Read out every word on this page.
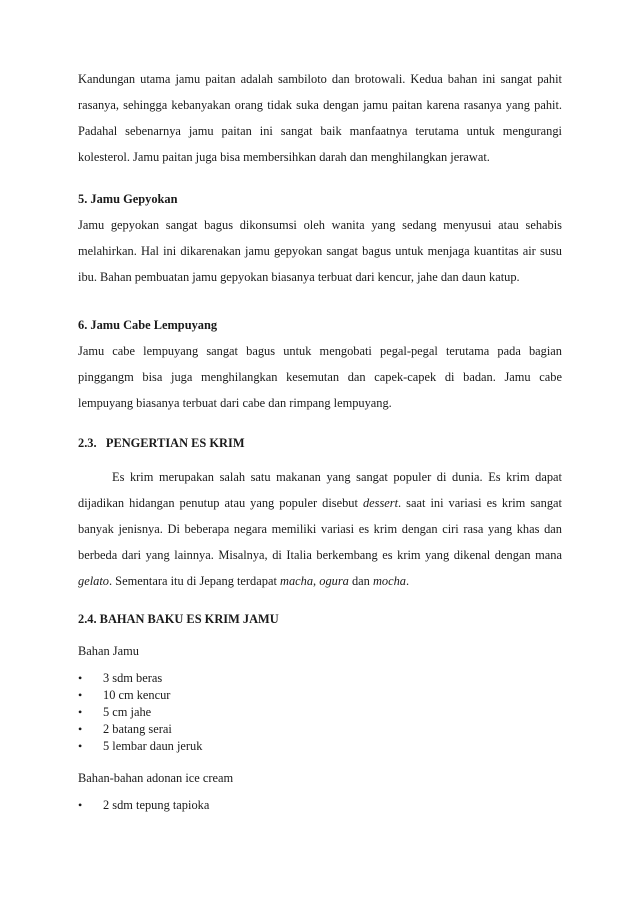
Kandungan utama jamu paitan adalah sambiloto dan brotowali. Kedua bahan ini sangat pahit rasanya, sehingga kebanyakan orang tidak suka dengan jamu paitan karena rasanya yang pahit. Padahal sebenarnya jamu paitan ini sangat baik manfaatnya terutama untuk mengurangi kolesterol. Jamu paitan juga bisa membersihkan darah dan menghilangkan jerawat.

5. Jamu Gepyokan

Jamu gepyokan sangat bagus dikonsumsi oleh wanita yang sedang menyusui atau sehabis melahirkan. Hal ini dikarenakan jamu gepyokan sangat bagus untuk menjaga kuantitas air susu ibu. Bahan pembuatan jamu gepyokan biasanya terbuat dari kencur, jahe dan daun katup.

6. Jamu Cabe Lempuyang

Jamu cabe lempuyang sangat bagus untuk mengobati pegal-pegal terutama pada bagian pinggangm bisa juga menghilangkan kesemutan dan capek-capek di badan. Jamu cabe lempuyang biasanya terbuat dari cabe dan rimpang lempuyang.

2.3.   PENGERTIAN ES KRIM

Es krim merupakan salah satu makanan yang sangat populer di dunia. Es krim dapat dijadikan hidangan penutup atau yang populer disebut dessert. saat ini variasi es krim sangat banyak jenisnya. Di beberapa negara memiliki variasi es krim dengan ciri rasa yang khas dan berbeda dari yang lainnya. Misalnya, di Italia berkembang es krim yang dikenal dengan mana gelato. Sementara itu di Jepang terdapat macha, ogura dan mocha.

2.4. BAHAN BAKU ES KRIM JAMU

Bahan Jamu

• 3 sdm beras
• 10 cm kencur
• 5 cm jahe
• 2 batang serai
• 5 lembar daun jeruk

Bahan-bahan adonan ice cream

• 2 sdm tepung tapioka
